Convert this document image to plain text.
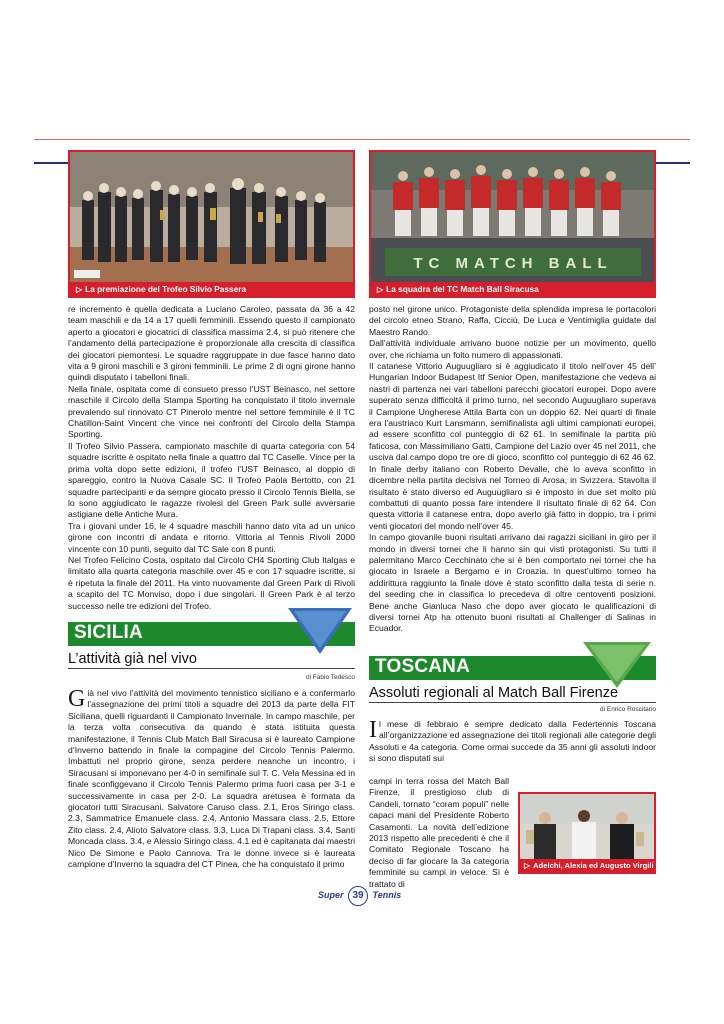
▷ La premiazione del Trofeo Silvio Passera
TC MATCH BALL
▷ La squadra del TC Match Ball Siracusa

re incremento è quella dedicata a Luciano Caroleo, passata da 36 a 42 team maschili e da 14 a 17 quelli femminili. Essendo questo il campionato aperto a giocatori e giocatrici di classifica massima 2.4, si può ritenere che l’andamento della partecipazione è proporzionale alla crescita di classifica dei giocatori piemontesi. Le squadre raggruppate in due fasce hanno dato vita a 9 gironi maschili e 3 gironi femminili. Le prime 2 di ogni girone hanno quindi disputato i tabelloni finali.

Nella finale, ospitata come di consueto presso l’UST Beinasco, nel settore maschile il Circolo della Stampa Sporting ha conquistato il titolo invernale prevalendo sul rinnovato CT Pinerolo mentre nel settore femminile è il TC Chatillon-Saint Vincent che vince nei confronti del Circolo della Stampa Sporting.

Il Trofeo Silvio Passera, campionato maschile di quarta categoria con 54 squadre iscritte è ospitato nella finale a quattro dal TC Caselle. Vince per la prima volta dopo sette edizioni, il trofeo l’UST Beinasco, al doppio di spareggio, contro la Nuova Casale SC. Il Trofeo Paola Bertotto, con 21 squadre partecipanti e da sempre giocato presso il Circolo Tennis Biella, se lo sono aggiudicato le ragazze rivolesi del Green Park sulle avversarie astigiane delle Antiche Mura.

Tra i giovani under 16, le 4 squadre maschili hanno dato vita ad un unico girone con incontri di andata e ritorno. Vittoria al Tennis Rivoli 2000 vincente con 10 punti, seguito dal TC Sale con 8 punti.

Nel Trofeo Felicino Costa, ospitato dal Circolo CH4 Sporting Club Italgas e limitato alla quarta categoria maschile over 45 e con 17 squadre iscritte, si è ripetuta la finale del 2011. Ha vinto nuovamente dal Green Park di Rivoli a scapito del TC Monviso, dopo i due singolari. Il Green Park è al terzo successo nelle tre edizioni del Trofeo.

posto nel girone unico. Protagoniste della splendida impresa le portacolori del circolo etneo Strano, Raffa, Cicciù, De Luca e Ventimiglia guidate dal Maestro Rando.

Dall’attività individuale arrivano buone notizie per un movimento, quello over, che richiama un folto numero di appassionati.

Il catanese Vittorio Auguugliaro si è aggiudicato il titolo nell’over 45 dell’ Hungarian Indoor Budapest Itf Senior Open, manifestazione che vedeva ai nastri di partenza nei vari tabelloni parecchi giocatori europei. Dopo avere superato senza difficoltà il primo turno, nel secondo Auguugliaro superava il Campione Ungherese Attila Barta con un doppio 62. Nei quarti di finale era l’austriaco Kurt Lansmann, semifinalista agli ultimi campionati europei, ad essere sconfitto col punteggio di 62 61. In semifinale la partita più faticosa, con Massimiliano Gatti, Campione del Lazio over 45 nel 2011, che usciva dal campo dopo tre ore di gioco, sconfitto col punteggio di 62 46 62. In finale derby italiano con Roberto Devalle, che lo aveva sconfitto in dicembre nella partita decisiva nel Torneo di Arosa, in Svizzera. Stavolta il risultato è stato diverso ed Auguugliaro si è imposto in due set molto più combattuti di quanto possa fare intendere il risultato finale di 62 64. Con questa vittoria il catanese entra, dopo averlo già fatto in doppio, tra i primi venti giocatori del mondo nell’over 45.

In campo giovanile buoni risultati arrivano dai ragazzi siciliani in giro per il mondo in diversi tornei che li hanno sin qui visti protagonisti. Su tutti il palermitano Marco Cecchinato che si è ben comportato nei tornei che ha giocato in Israele a Bergamo e in Croazia. In quest’ultimo torneo ha addirittura raggiunto la finale dove è stato sconfitto dalla testa di serie n. del seeding che in classifica lo precedeva di oltre centoventi posizioni. Bene anche Gianluca Naso che dopo aver giocato le qualificazioni di diversi tornei Atp ha ottenuto buoni risultati al Challenger di Salinas in Ecuador.

SICILIA
L’attività già nel vivo
di Fabio Tedesco
Già nel vivo l’attività del movimento tennistico siciliano e a confermarlo l’assegnazione dei primi titoli a squadre del 2013 da parte della FIT Siciliana, quelli riguardanti il Campionato Invernale. In campo maschile, per la terza volta consecutiva da quando è stata istituita questa manifestazione, il Tennis Club Match Ball Siracusa si è laureato Campione d’Inverno battendo in finale la compagine del Circolo Tennis Palermo. Imbattuti nel proprio girone, senza perdere neanche un incontro, i Siracusani si imponevano per 4-0 in semifinale sul T. C. Vela Messina ed in finale sconfiggevano il Circolo Tennis Palermo prima fuori casa per 3-1 e successivamente in casa per 2-0. La squadra aretusea è formata da giocatori tutti Siracusani. Salvatore Caruso class. 2.1, Eros Siringo class. 2.3, Sammatrice Emanuele class. 2.4, Antonio Massara class. 2.5, Ettore Zito class. 2.4, Alioto Salvatore class. 3.3, Luca Di Trapani class. 3.4, Santi Moncada class. 3.4, e Alessio Siringo class. 4.1 ed è capitanata dai maestri Nico De Simone e Paolo Cannova. Tra le donne invece si è laureata campione d’Inverno la squadra del CT Pinea, che ha conquistato il primo
TOSCANA
Assoluti regionali al Match Ball Firenze
di Enrico Roscitano
Il mese di febbraio è sempre dedicato dalla Federtennis Toscana all’organizzazione ed assegnazione dei titoli regionali alle categorie degli Assoluti e 4a categoria. Come ormai succede da 35 anni gli assoluti indoor si sono disputati sui
campi in terra rossa del Match Ball Firenze, il prestigioso club di Candeli, tornato “coram populi” nelle capaci mani del Presidente Roberto Casamonti. La novità dell’edizione 2013 rispetto alle precedenti è che il Comitato Regionale Toscano ha deciso di far giocare la 3a categoria femminile su campi in veloce. Sì è trattato di
▷ Adelchi, Alexia ed Augusto Virgili
Super 39 Tennis
